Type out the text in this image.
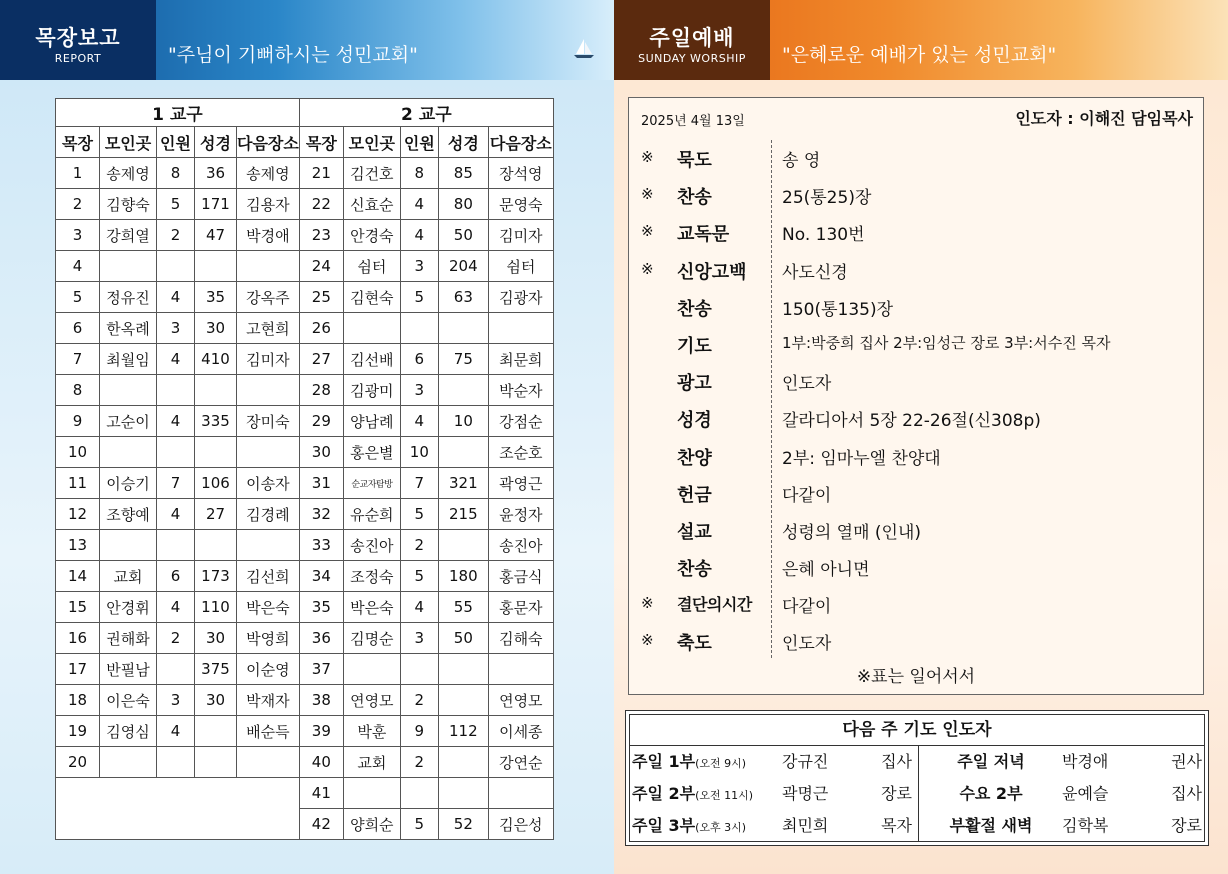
목장보고
REPORT	"주님이 기뻐하시는 성민교회"
주일예배
SUNDAY WORSHIP	"은혜로운 예배가 있는 성민교회"
1 교구					2 교구				
목장	모인곳	인원	성경	다음장소	목장	모인곳	인원	성경	다음장소
1	송제영	8	36	송제영	21	김건호	8	85	장석영
2	김향숙	5	171	김용자	22	신효순	4	80	문영숙
3	강희열	2	47	박경애	23	안경숙	4	50	김미자
4					24	쉼터	3	204	쉼터
5	정유진	4	35	강옥주	25	김현숙	5	63	김광자
6	한옥례	3	30	고현희	26				
7	최월임	4	410	김미자	27	김선배	6	75	최문희
8					28	김광미	3		박순자
9	고순이	4	335	장미숙	29	양남례	4	10	강점순
10					30	홍은별	10		조순호
11	이승기	7	106	이송자	31	순교자탐방	7	321	곽영근
12	조향예	4	27	김경례	32	유순희	5	215	윤정자
13					33	송진아	2		송진아
14	교회	6	173	김선희	34	조정숙	5	180	홍금식
15	안경휘	4	110	박은숙	35	박은숙	4	55	홍문자
16	권해화	2	30	박영희	36	김명순	3	50	김해숙
17	반필남		375	이순영	37				
18	이은숙	3	30	박재자	38	연영모	2		연영모
19	김영심	4		배순득	39	박훈	9	112	이세종
20					40	교회	2		강연순
					41				
					42	양희순	5	52	김은성
2025년 4월 13일	인도자 : 이해진 담임목사
※ 묵도	송 영
※ 찬송	25(통25)장
※ 교독문	No. 130번
※ 신앙고백	사도신경
찬송	150(통135)장
기도	1부:박중희 집사 2부:임성근 장로 3부:서수진 목자
광고	인도자
성경	갈라디아서 5장 22-26절(신308p)
찬양	2부: 임마누엘 찬양대
헌금	다같이
설교	성령의 열매 (인내)
찬송	은혜 아니면
※ 결단의시간	다같이
※ 축도	인도자
※표는 일어서서
다음 주 기도 인도자
주일 1부(오전 9시)	강규진	집사
주일 2부(오전 11시)	곽명근	장로
주일 3부(오후 3시)	최민희	목자
주일 저녁	박경애	권사
수요 2부	윤예슬	집사
부활절 새벽	김학복	장로
